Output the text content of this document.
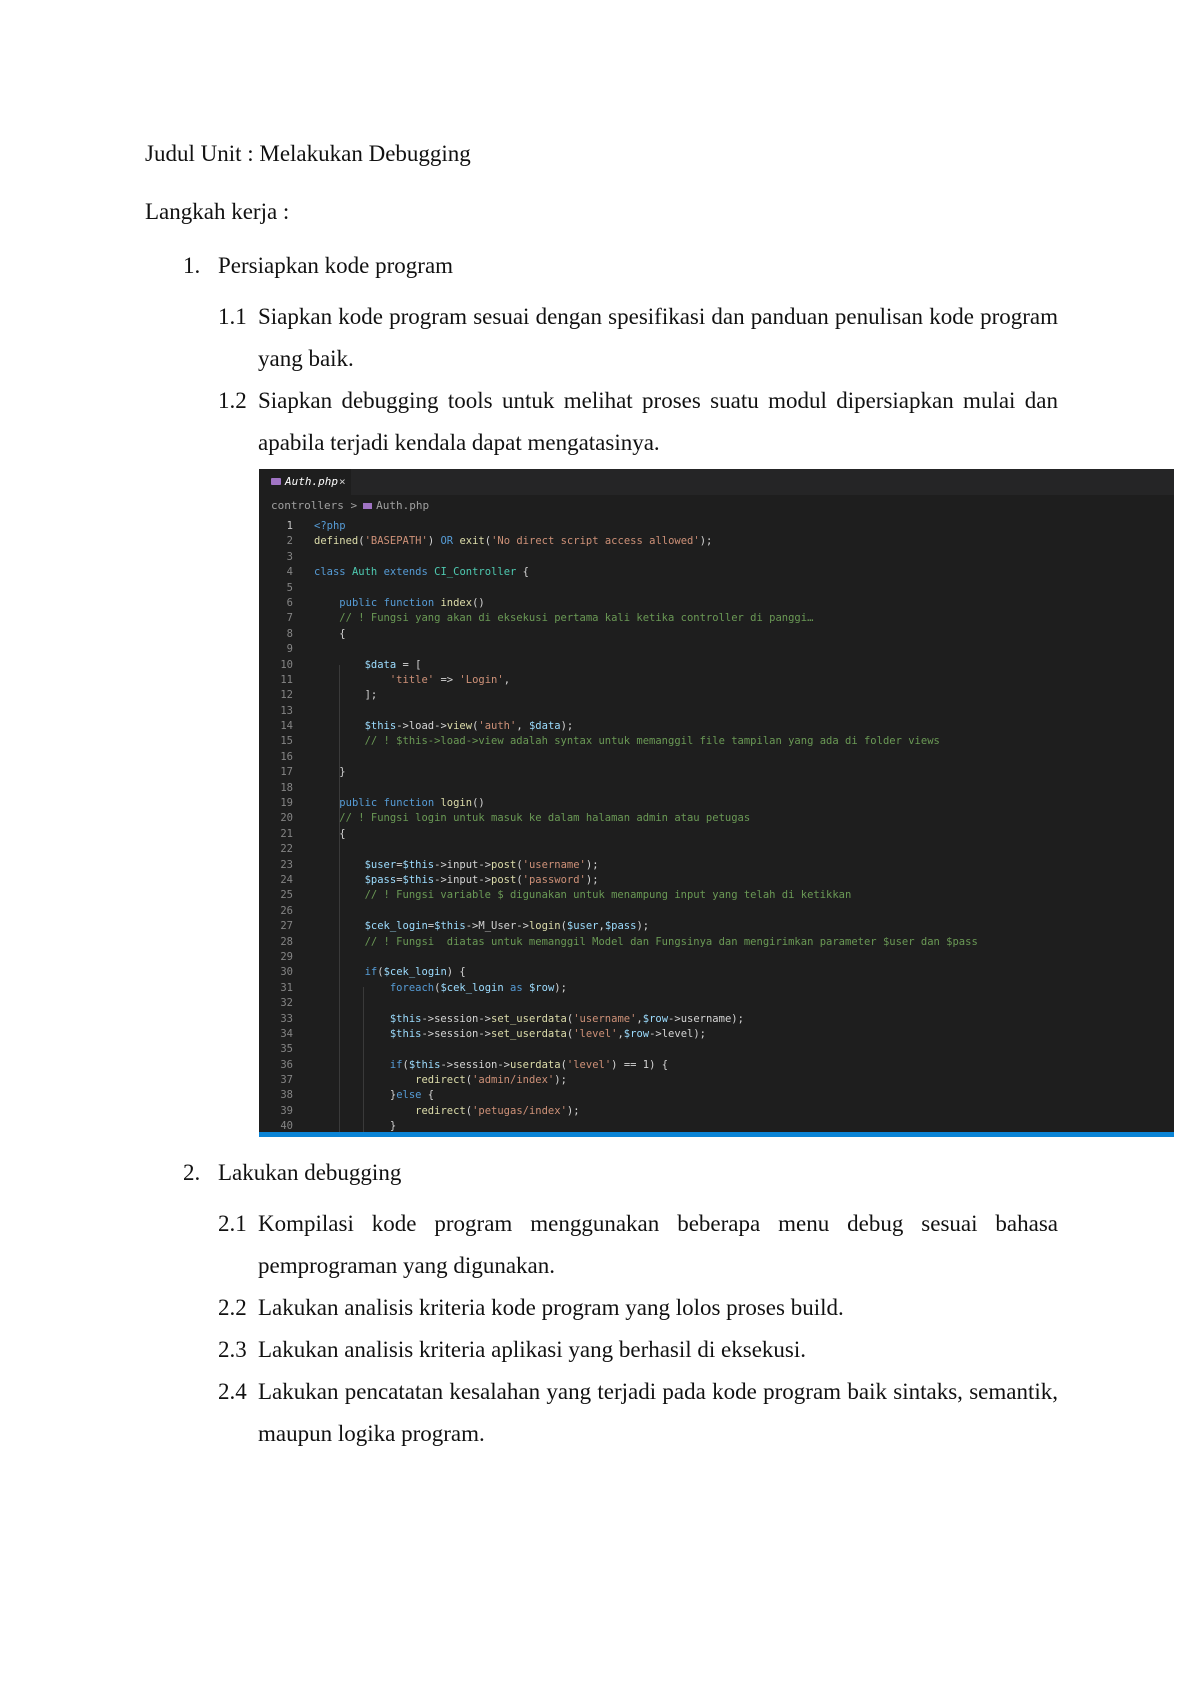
Judul Unit : Melakukan Debugging
Langkah kerja :
1. Persiapkan kode program
1.1 Siapkan kode program sesuai dengan spesifikasi dan panduan penulisan kode program yang baik.
1.2 Siapkan debugging tools untuk melihat proses suatu modul dipersiapkan mulai dan apabila terjadi kendala dapat mengatasinya.
Auth.php ×
controllers > Auth.php
1 <?php
2 defined('BASEPATH') OR exit('No direct script access allowed');
3
4 class Auth extends CI_Controller {
5
6	public function index()
7 // ! Fungsi yang akan di eksekusi pertama kali ketika controller di panggi…
8 {
9
10	$data = [
11	'title' => 'Login',
12 ];
13
14	$this->load->view('auth', $data);
15 // ! $this->load->view adalah syntax untuk memanggil file tampilan yang ada di folder views
16
17 }
18
19	public function login()
20 // ! Fungsi login untuk masuk ke dalam halaman admin atau petugas
21 {
22
23	$user=$this->input->post('username');
24	$pass=$this->input->post('password');
25 // ! Fungsi variable $ digunakan untuk menampung input yang telah di ketikkan
26
27	$cek_login=$this->M_User->login($user,$pass);
28 // ! Fungsi  diatas untuk memanggil Model dan Fungsinya dan mengirimkan parameter $user dan $pass
29
30	if($cek_login) {
31	foreach($cek_login as $row);
32
33	$this->session->set_userdata('username',$row->username);
34	$this->session->set_userdata('level',$row->level);
35
36	if($this->session->userdata('level') == 1) {
37	redirect('admin/index');
38 }else {
39	redirect('petugas/index');
40 }
2. Lakukan debugging
2.1 Kompilasi kode program menggunakan beberapa menu debug sesuai bahasa pemprograman yang digunakan.
2.2 Lakukan analisis kriteria kode program yang lolos proses build.
2.3 Lakukan analisis kriteria aplikasi yang berhasil di eksekusi.
2.4 Lakukan pencatatan kesalahan yang terjadi pada kode program baik sintaks, semantik, maupun logika program.
